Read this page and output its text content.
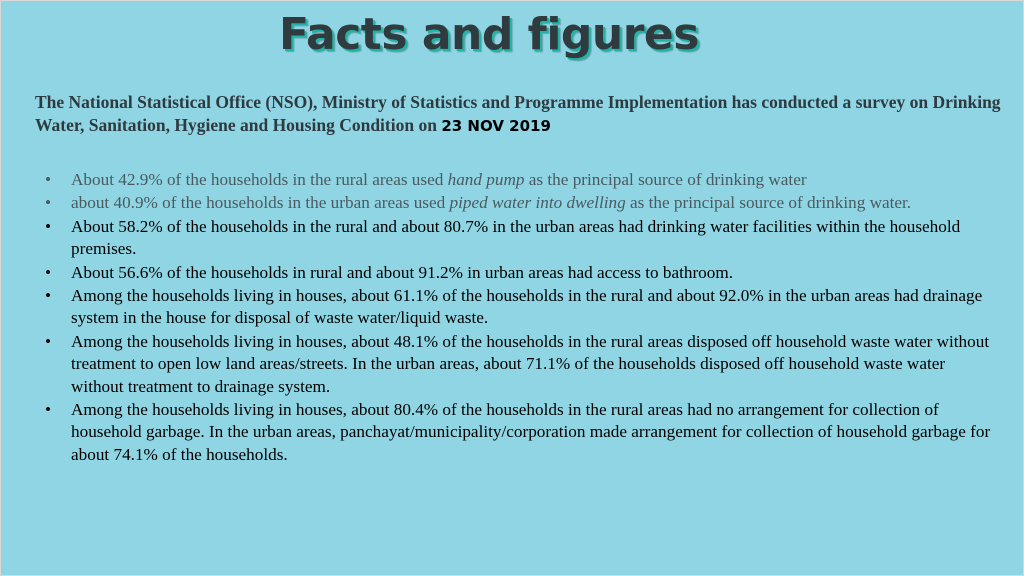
Facts and figures

The National Statistical Office (NSO), Ministry of Statistics and Programme Implementation has conducted a survey on Drinking Water, Sanitation, Hygiene and Housing Condition on 23 NOV 2019

• About 42.9% of the households in the rural areas used hand pump as the principal source of drinking water
• about 40.9% of the households in the urban areas used piped water into dwelling as the principal source of drinking water.
• About 58.2% of the households in the rural and about 80.7% in the urban areas had drinking water facilities within the household premises.
• About 56.6% of the households in rural and about 91.2% in urban areas had access to bathroom.
• Among the households living in houses, about 61.1% of the households in the rural and about 92.0% in the urban areas had drainage system in the house for disposal of waste water/liquid waste.
• Among the households living in houses, about 48.1% of the households in the rural areas disposed off household waste water without treatment to open low land areas/streets. In the urban areas, about 71.1% of the households disposed off household waste water without treatment to drainage system.
• Among the households living in houses, about 80.4% of the households in the rural areas had no arrangement for collection of household garbage. In the urban areas, panchayat/municipality/corporation made arrangement for collection of household garbage for about 74.1% of the households.
